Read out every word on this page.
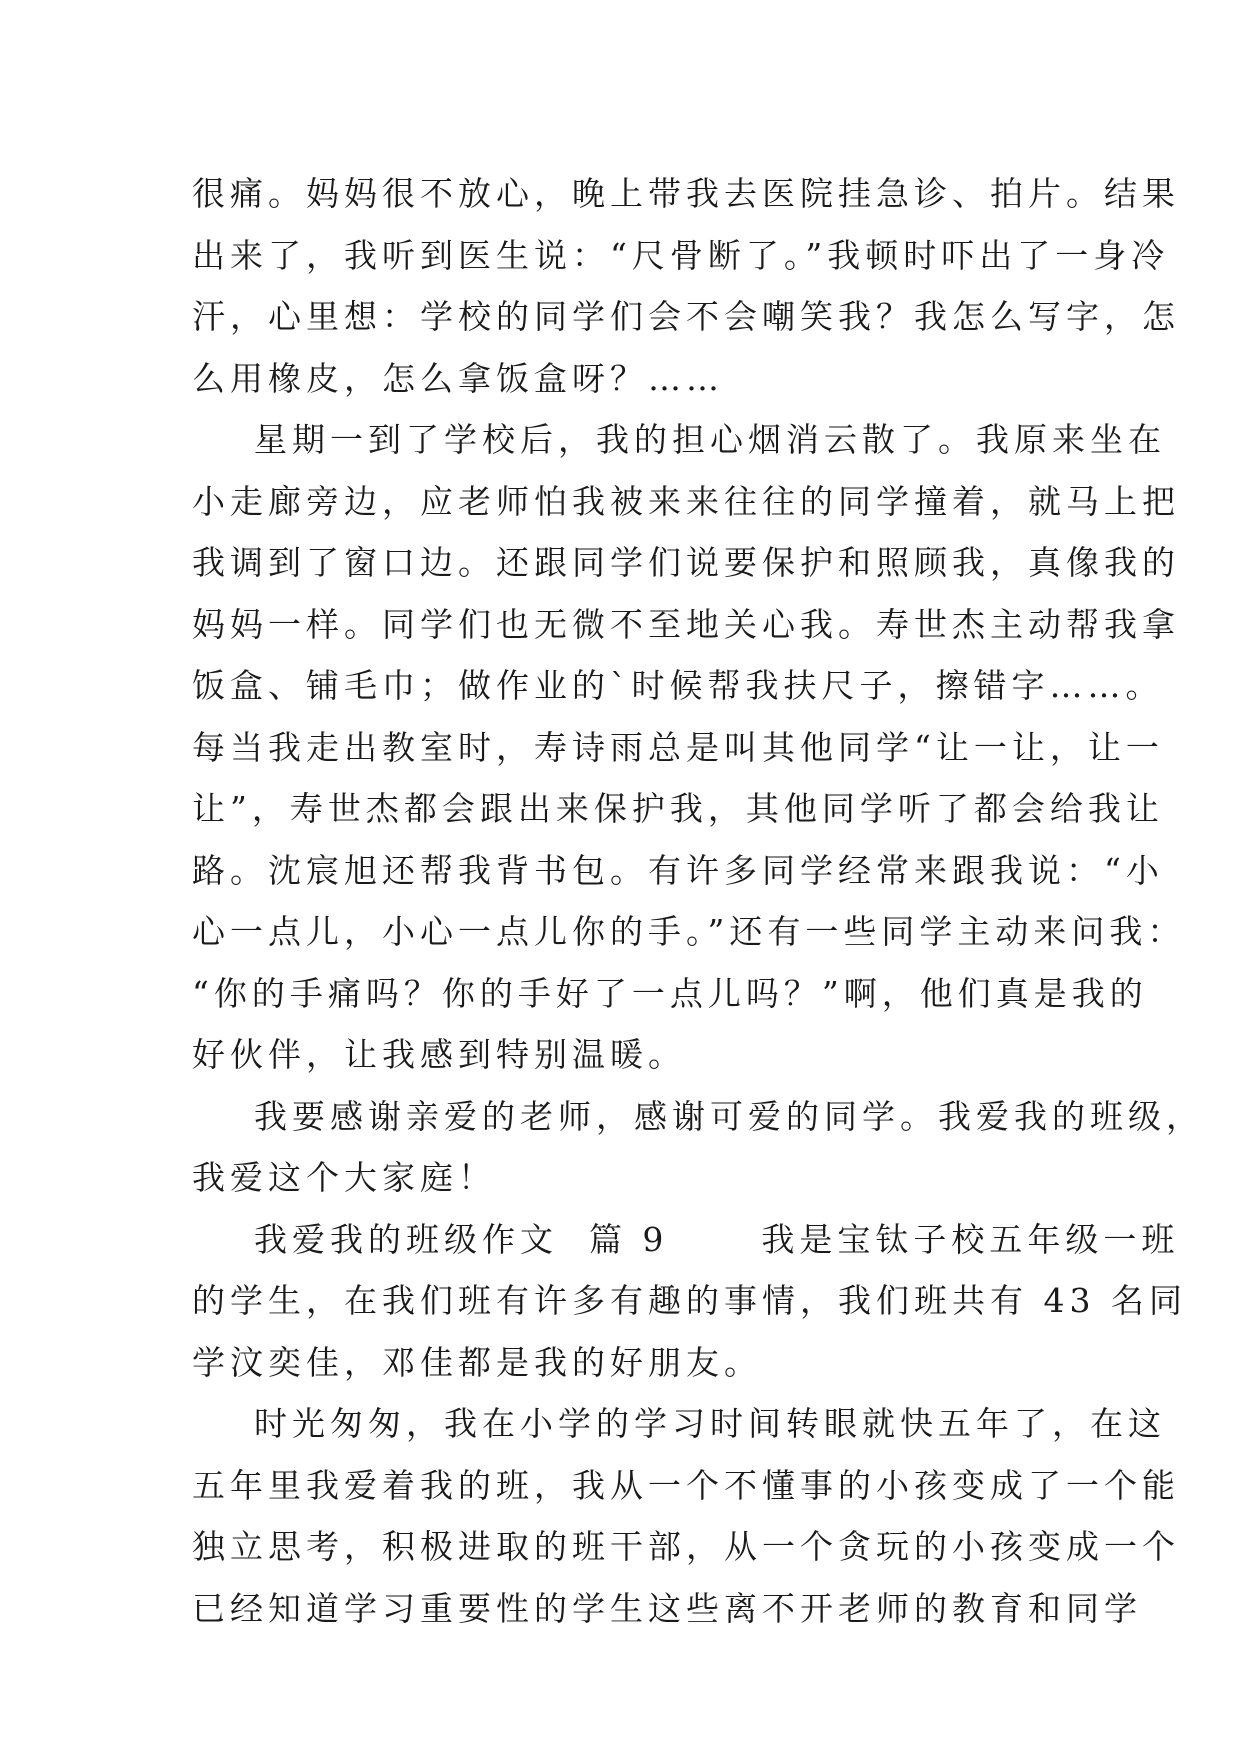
很痛。妈妈很不放心，晚上带我去医院挂急诊、拍片。结果
出来了，我听到医生说：“尺骨断了。”我顿时吓出了一身冷
汗，心里想：学校的同学们会不会嘲笑我？我怎么写字，怎
么用橡皮，怎么拿饭盒呀？……
星期一到了学校后，我的担心烟消云散了。我原来坐在
小走廊旁边，应老师怕我被来来往往的同学撞着，就马上把
我调到了窗口边。还跟同学们说要保护和照顾我，真像我的
妈妈一样。同学们也无微不至地关心我。寿世杰主动帮我拿
饭盒、铺毛巾；做作业的`时候帮我扶尺子，擦错字……。
每当我走出教室时，寿诗雨总是叫其他同学“让一让，让一
让”，寿世杰都会跟出来保护我，其他同学听了都会给我让
路。沈宸旭还帮我背书包。有许多同学经常来跟我说：“小
心一点儿，小心一点儿你的手。”还有一些同学主动来问我：
“你的手痛吗？你的手好了一点儿吗？”啊，他们真是我的
好伙伴，让我感到特别温暖。
我要感谢亲爱的老师，感谢可爱的同学。我爱我的班级，
我爱这个大家庭！
我爱我的班级作文  篇 9      我是宝钛子校五年级一班
的学生，在我们班有许多有趣的事情，我们班共有 43 名同
学汶奕佳，邓佳都是我的好朋友。
时光匆匆，我在小学的学习时间转眼就快五年了，在这
五年里我爱着我的班，我从一个不懂事的小孩变成了一个能
独立思考，积极进取的班干部，从一个贪玩的小孩变成一个
已经知道学习重要性的学生这些离不开老师的教育和同学
